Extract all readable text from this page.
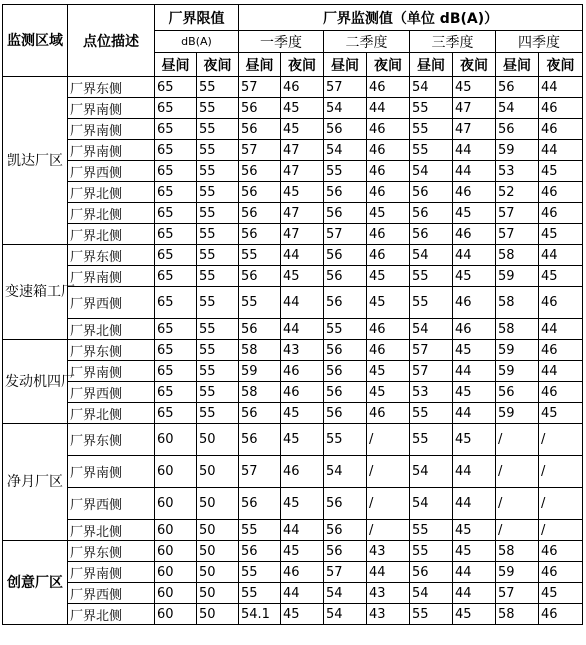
监测区域	点位描述	厂界限值		厂界监测值（单位 dB(A)）							
		dB(A)		一季度		二季度		三季度		四季度	
		昼间	夜间	昼间	夜间	昼间	夜间	昼间	夜间	昼间	夜间
凯达厂区	厂界东侧	65	55	57	46	57	46	54	45	56	44
	厂界南侧	65	55	56	45	54	44	55	47	54	46
	厂界南侧	65	55	56	45	56	46	55	47	56	46
	厂界南侧	65	55	57	47	54	46	55	44	59	44
	厂界西侧	65	55	56	47	55	46	54	44	53	45
	厂界北侧	65	55	56	45	56	46	56	46	52	46
	厂界北侧	65	55	56	47	56	45	56	45	57	46
	厂界北侧	65	55	56	47	57	46	56	46	57	45
变速箱工厂	厂界东侧	65	55	55	44	56	46	54	44	58	44
	厂界南侧	65	55	56	45	56	45	55	45	59	45
	厂界西侧	65	55	55	44	56	45	55	46	58	46
	厂界北侧	65	55	56	44	55	46	54	46	58	44
发动机四厂	厂界东侧	65	55	58	43	56	46	57	45	59	46
	厂界南侧	65	55	59	46	56	45	57	44	59	44
	厂界西侧	65	55	58	46	56	45	53	45	56	46
	厂界北侧	65	55	56	45	56	46	55	44	59	45
净月厂区	厂界东侧	60	50	56	45	55	/	55	45	/	/
	厂界南侧	60	50	57	46	54	/	54	44	/	/
	厂界西侧	60	50	56	45	56	/	54	44	/	/
	厂界北侧	60	50	55	44	56	/	55	45	/	/
创意厂区	厂界东侧	60	50	56	45	56	43	55	45	58	46
	厂界南侧	60	50	55	46	57	44	56	44	59	46
	厂界西侧	60	50	55	44	54	43	54	44	57	45
	厂界北侧	60	50	54.1	45	54	43	55	45	58	46
